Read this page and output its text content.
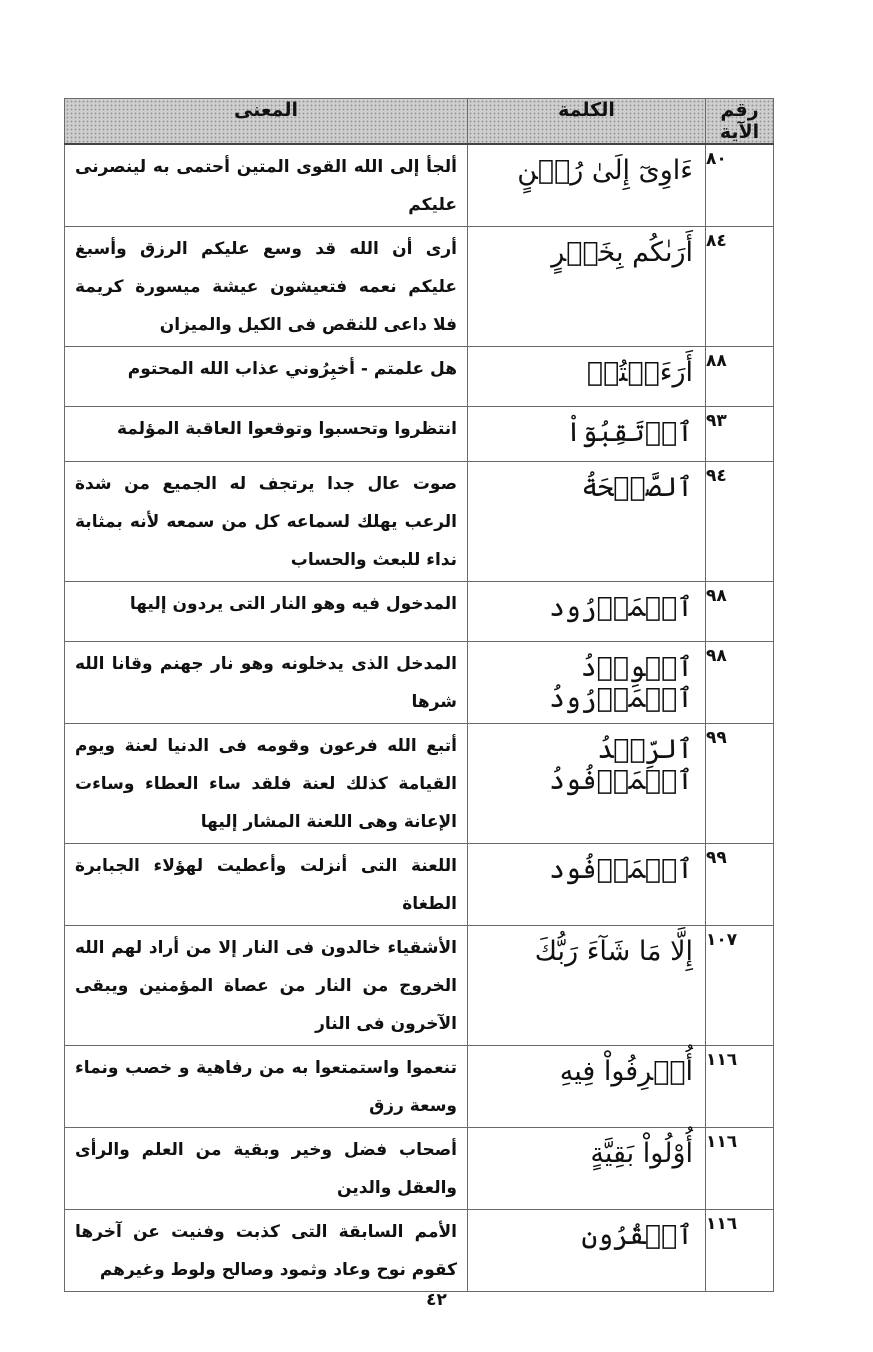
رقم الآية	الكلمة	المعنى
٨٠	ءَاوِىٓ إِلَىٰ رُكۡنٍ	ألجأ إلى الله القوى المتين أحتمى به لينصرنى عليكم
٨٤	أَرَىٰكُم بِخَيۡرٍ	أرى أن الله قد وسع عليكم الرزق وأسبغ عليكم نعمه فتعيشون عيشة ميسورة كريمة فلا داعى للنقص فى الكيل والميزان
٨٨	أَرَءَيۡتُمۡ	هل علمتم - أخبِرُوني عذاب الله المحتوم
٩٣	ٱرۡتَقِبُوٓاْ	انتظروا وتحسبوا وتوقعوا العاقبة المؤلمة
٩٤	ٱلصَّيۡحَةُ	صوت عال جدا يرتجف له الجميع من شدة الرعب يهلك لسماعه كل من سمعه لأنه بمثابة نداء للبعث والحساب
٩٨	ٱلۡمَوۡرُود	المدخول فيه وهو النار التى يردون إليها
٩٨	ٱلۡوِرۡدُ ٱلۡمَوۡرُودُ	المدخل الذى يدخلونه وهو نار جهنم وقانا الله شرها
٩٩	ٱلرِّفۡدُ ٱلۡمَرۡفُودُ	أتبع الله فرعون وقومه فى الدنيا لعنة ويوم القيامة كذلك لعنة فلقد ساء العطاء وساءت الإعانة وهى اللعنة المشار إليها
٩٩	ٱلۡمَرۡفُود	اللعنة التى أنزلت وأعطيت لهؤلاء الجبابرة الطغاة
١٠٧	إِلَّا مَا شَآءَ رَبُّكَ	الأشقياء خالدون فى النار إلا من أراد لهم الله الخروج من النار من عصاة المؤمنين ويبقى الآخرون فى النار
١١٦	أُتۡرِفُواْ فِيهِ	تنعموا واستمتعوا به من رفاهية و خصب ونماء وسعة رزق
١١٦	أُوْلُواْ بَقِيَّةٍ	أصحاب فضل وخير وبقية من العلم والرأى والعقل والدين
١١٦	ٱلۡقُرُون	الأمم السابقة التى كذبت وفنيت عن آخرها كقوم نوح وعاد وثمود وصالح ولوط وغيرهم
٤٢
